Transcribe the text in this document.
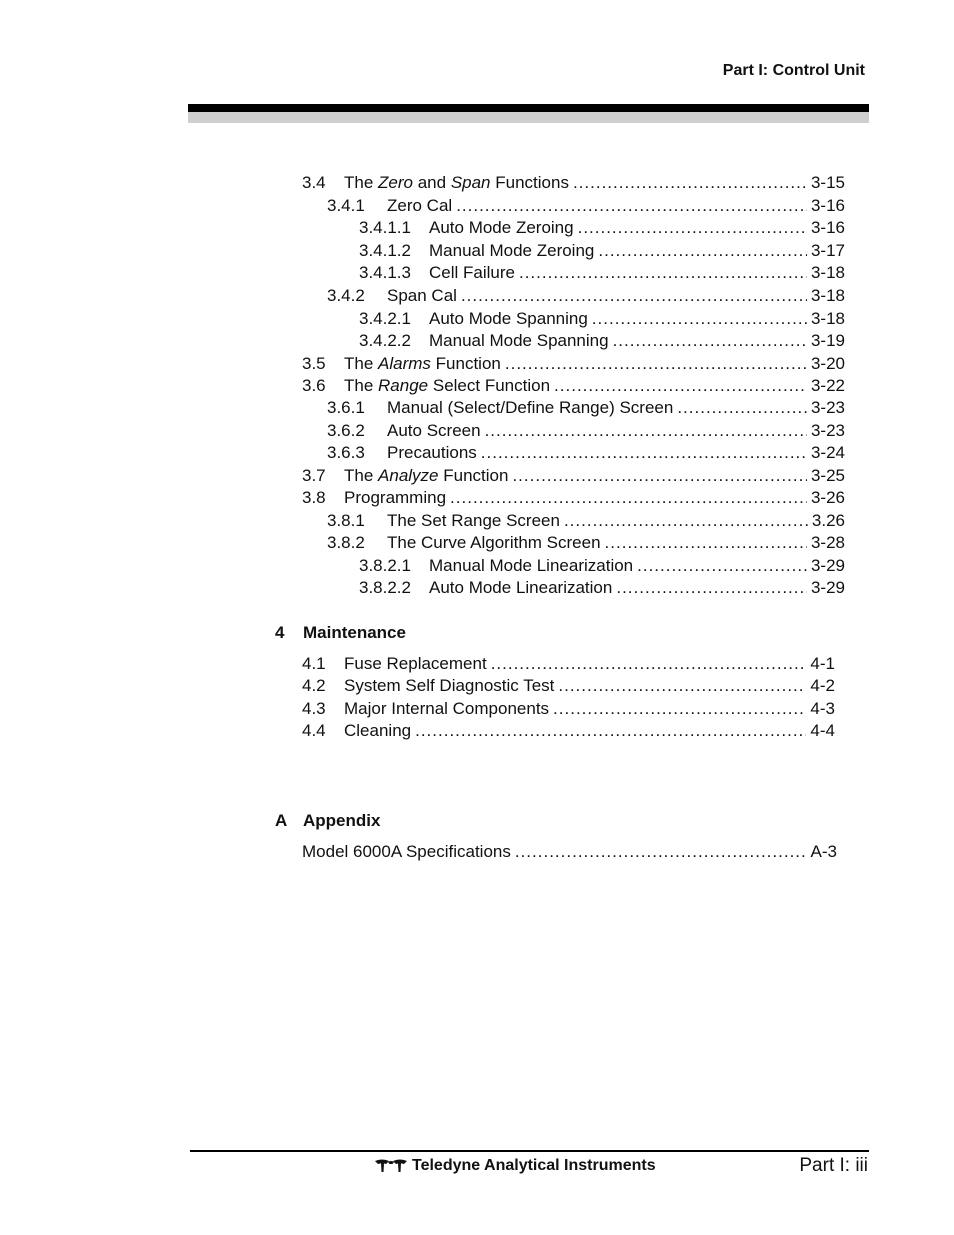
Part I: Control Unit
3.4	The Zero and Span Functions .....	3-15
3.4.1	Zero Cal .....	3-16
3.4.1.1	Auto Mode Zeroing .....	3-16
3.4.1.2	Manual Mode Zeroing .....	3-17
3.4.1.3	Cell Failure .....	3-18
3.4.2	Span Cal .....	3-18
3.4.2.1	Auto Mode Spanning .....	3-18
3.4.2.2	Manual Mode Spanning .....	3-19
3.5	The Alarms Function .....	3-20
3.6	The Range Select Function .....	3-22
3.6.1	Manual (Select/Define Range) Screen .....	3-23
3.6.2	Auto Screen .....	3-23
3.6.3	Precautions .....	3-24
3.7	The Analyze Function .....	3-25
3.8	Programming .....	3-26
3.8.1	The Set Range Screen .....	3.26
3.8.2	The Curve Algorithm Screen .....	3-28
3.8.2.1	Manual Mode Linearization .....	3-29
3.8.2.2	Auto Mode Linearization .....	3-29
4 Maintenance
4.1	Fuse Replacement .....	4-1
4.2	System Self Diagnostic Test .....	4-2
4.3	Major Internal Components .....	4-3
4.4	Cleaning .....	4-4
A Appendix
Model 6000A Specifications .....	A-3
Teledyne Analytical Instruments	Part I: iii
